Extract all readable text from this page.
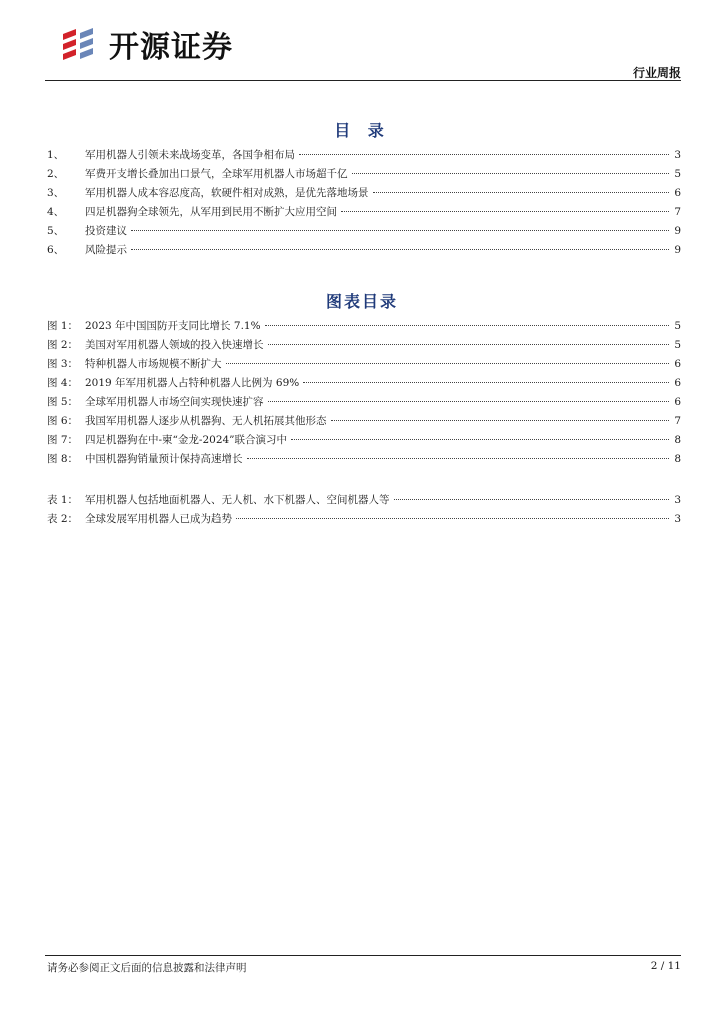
开源证券
行业周报
目 录
1、	军用机器人引领未来战场变革，各国争相布局	3
2、	军费开支增长叠加出口景气，全球军用机器人市场超千亿	5
3、	军用机器人成本容忍度高，软硬件相对成熟，是优先落地场景	6
4、	四足机器狗全球领先，从军用到民用不断扩大应用空间	7
5、	投资建议	9
6、	风险提示	9
图表目录
图 1： 2023 年中国国防开支同比增长 7.1%	5
图 2： 美国对军用机器人领域的投入快速增长	5
图 3： 特种机器人市场规模不断扩大	6
图 4： 2019 年军用机器人占特种机器人比例为 69%	6
图 5： 全球军用机器人市场空间实现快速扩容	6
图 6： 我国军用机器人逐步从机器狗、无人机拓展其他形态	7
图 7： 四足机器狗在中-柬“金龙-2024”联合演习中	8
图 8： 中国机器狗销量预计保持高速增长	8
表 1： 军用机器人包括地面机器人、无人机、水下机器人、空间机器人等	3
表 2： 全球发展军用机器人已成为趋势	3
请务必参阅正文后面的信息披露和法律声明	2 / 11
